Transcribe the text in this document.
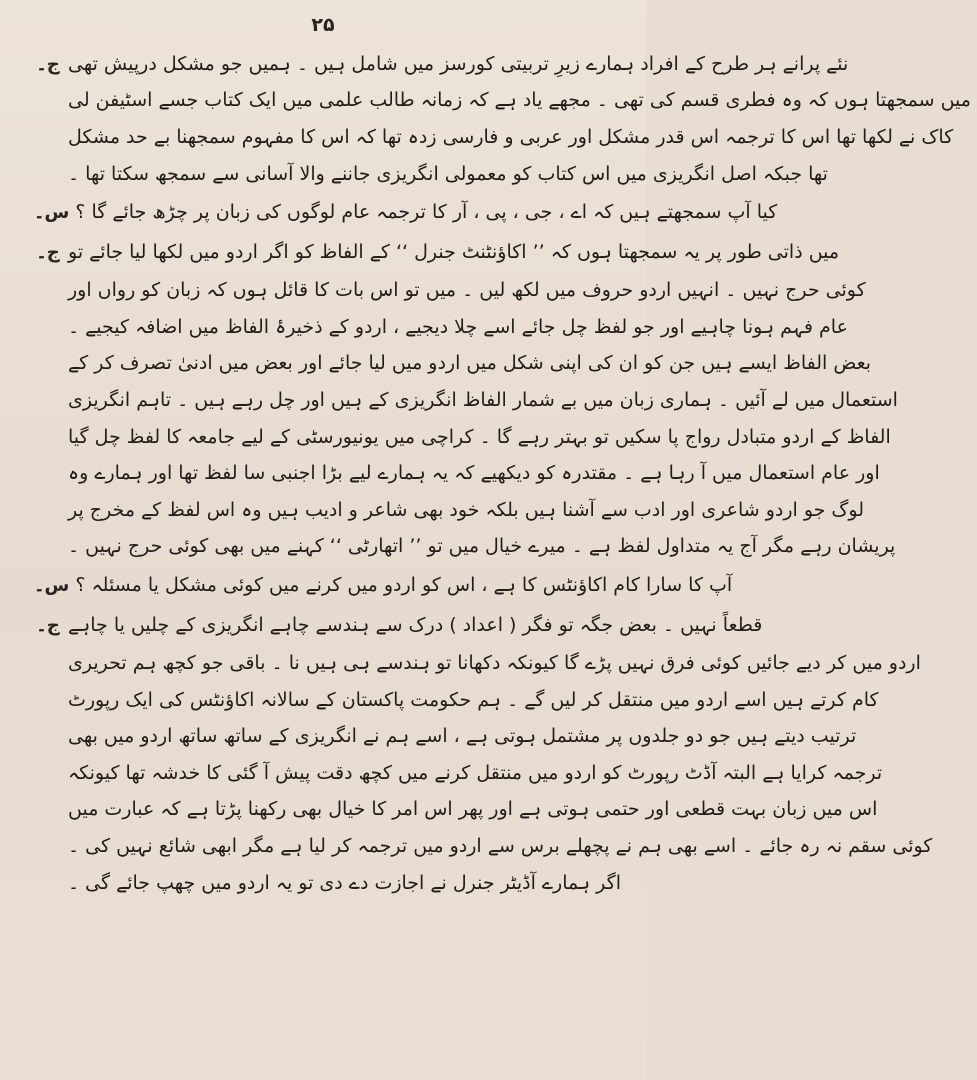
۲۵
ج۔ نئے پرانے ہر طرح کے افراد ہمارے زیرِ تربیتی کورسز میں شامل ہیں ۔ ہمیں جو مشکل درپیش تھی
میں سمجھتا ہوں کہ وہ فطری قسم کی تھی ۔ مجھے یاد ہے کہ زمانہ طالب علمی میں ایک کتاب جسے اسٹیفن لی
کاک نے لکھا تھا اس کا ترجمہ اس قدر مشکل اور عربی و فارسی زدہ تھا کہ اس کا مفہوم سمجھنا بے حد مشکل
تھا جبکہ اصل انگریزی میں اس کتاب کو معمولی انگریزی جاننے والا آسانی سے سمجھ سکتا تھا ۔
س۔ کیا آپ سمجھتے ہیں کہ اے ، جی ، پی ، آر کا ترجمہ عام لوگوں کی زبان پر چڑھ جائے گا ؟
ج۔ میں ذاتی طور پر یہ سمجھتا ہوں کہ ’’ اکاؤنٹنٹ جنرل ‘‘ کے الفاظ کو اگر اردو میں لکھا لیا جائے تو
کوئی حرج نہیں ۔ انہیں اردو حروف میں لکھ لیں ۔ میں تو اس بات کا قائل ہوں کہ زبان کو رواں اور
عام فہم ہونا چاہیے اور جو لفظ چل جائے اسے چلا دیجیے ، اردو کے ذخیرۂ الفاظ میں اضافہ کیجیے ۔
بعض الفاظ ایسے ہیں جن کو ان کی اپنی شکل میں اردو میں لیا جائے اور بعض میں ادنیٰ تصرف کر کے
استعمال میں لے آئیں ۔ ہماری زبان میں بے شمار الفاظ انگریزی کے ہیں اور چل رہے ہیں ۔ تاہم انگریزی
الفاظ کے اردو متبادل رواج پا سکیں تو بہتر رہے گا ۔ کراچی میں یونیورسٹی کے لیے جامعہ کا لفظ چل گیا
اور عام استعمال میں آ رہا ہے ۔ مقتدرہ کو دیکھیے کہ یہ ہمارے لیے بڑا اجنبی سا لفظ تھا اور ہمارے وہ
لوگ جو اردو شاعری اور ادب سے آشنا ہیں بلکہ خود بھی شاعر و ادیب ہیں وہ اس لفظ کے مخرج پر
پریشان رہے مگر آج یہ متداول لفظ ہے ۔ میرے خیال میں تو ’’ اتھارٹی ‘‘ کہنے میں بھی کوئی حرج نہیں ۔
س۔ آپ کا سارا کام اکاؤنٹس کا ہے ، اس کو اردو میں کرنے میں کوئی مشکل یا مسئلہ ؟
ج۔ قطعاً نہیں ۔ بعض جگہ تو فگر ( اعداد ) درک سے ہندسے چاہے انگریزی کے چلیں یا چاہے
اردو میں کر دیے جائیں کوئی فرق نہیں پڑے گا کیونکہ دکھانا تو ہندسے ہی ہیں نا ۔ باقی جو کچھ ہم تحریری
کام کرتے ہیں اسے اردو میں منتقل کر لیں گے ۔ ہم حکومت پاکستان کے سالانہ اکاؤنٹس کی ایک رپورٹ
ترتیب دیتے ہیں جو دو جلدوں پر مشتمل ہوتی ہے ، اسے ہم نے انگریزی کے ساتھ ساتھ اردو میں بھی
ترجمہ کرایا ہے البتہ آڈٹ رپورٹ کو اردو میں منتقل کرنے میں کچھ دقت پیش آ گئی کا خدشہ تھا کیونکہ
اس میں زبان بہت قطعی اور حتمی ہوتی ہے اور پھر اس امر کا خیال بھی رکھنا پڑتا ہے کہ عبارت میں
کوئی سقم نہ رہ جائے ۔ اسے بھی ہم نے پچھلے برس سے اردو میں ترجمہ کر لیا ہے مگر ابھی شائع نہیں کی ۔
اگر ہمارے آڈیٹر جنرل نے اجازت دے دی تو یہ اردو میں چھپ جائے گی ۔
